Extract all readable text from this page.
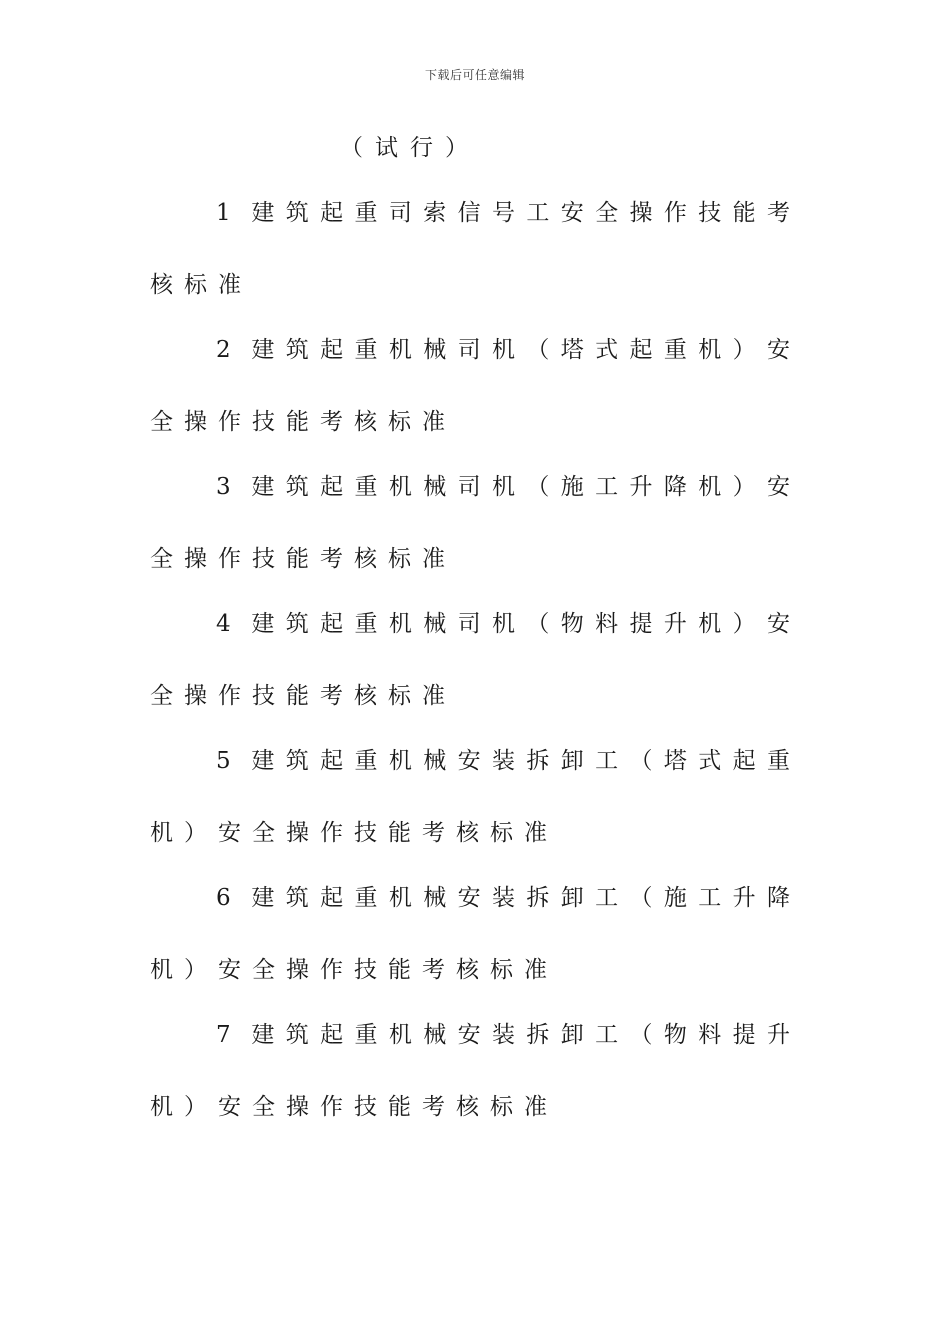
下载后可任意编辑
（试行）
1 建筑起重司索信号工安全操作技能考
核标准
2 建筑起重机械司机（塔式起重机）安
全操作技能考核标准
3 建筑起重机械司机（施工升降机）安
全操作技能考核标准
4 建筑起重机械司机（物料提升机）安
全操作技能考核标准
5 建筑起重机械安装拆卸工（塔式起重
机）安全操作技能考核标准
6 建筑起重机械安装拆卸工（施工升降
机）安全操作技能考核标准
7 建筑起重机械安装拆卸工（物料提升
机）安全操作技能考核标准
